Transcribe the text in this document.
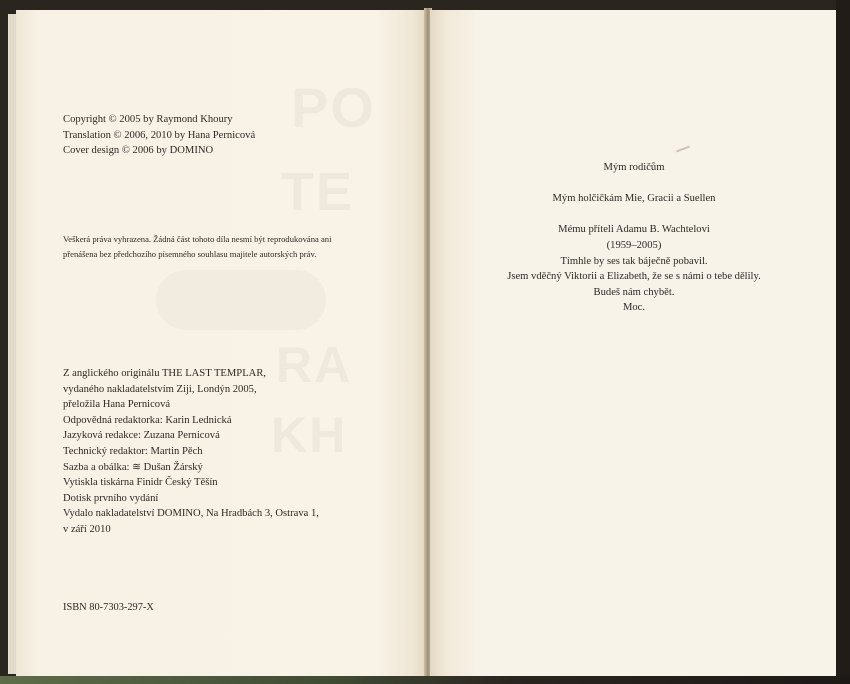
PO
TE
RA
KH
Copyright © 2005 by Raymond Khoury
Translation © 2006, 2010 by Hana Pernicová
Cover design © 2006 by DOMINO
Veškerá práva vyhrazena. Žádná část tohoto díla nesmí být reprodukována ani
přenášena bez předchozího písemného souhlasu majitele autorských práv.
Z anglického originálu THE LAST TEMPLAR,
vydaného nakladatelstvím Ziji, Londýn 2005,
přeložila Hana Pernicová
Odpovědná redaktorka: Karin Lednická
Jazyková redakce: Zuzana Pernicová
Technický redaktor: Martin Pěch
Sazba a obálka: ≋ Dušan Žárský
Vytiskla tiskárna Finidr Český Těšín
Dotisk prvního vydání
Vydalo nakladatelství DOMINO, Na Hradbách 3, Ostrava 1,
v září 2010
ISBN 80-7303-297-X
Mým rodičům
Mým holčičkám Mie, Gracii a Suellen
Mému příteli Adamu B. Wachtelovi
(1959–2005)
Tímhle by ses tak báječně pobavil.
Jsem vděčný Viktorii a Elizabeth, že se s námi o tebe dělily.
Budeš nám chybět.
Moc.
